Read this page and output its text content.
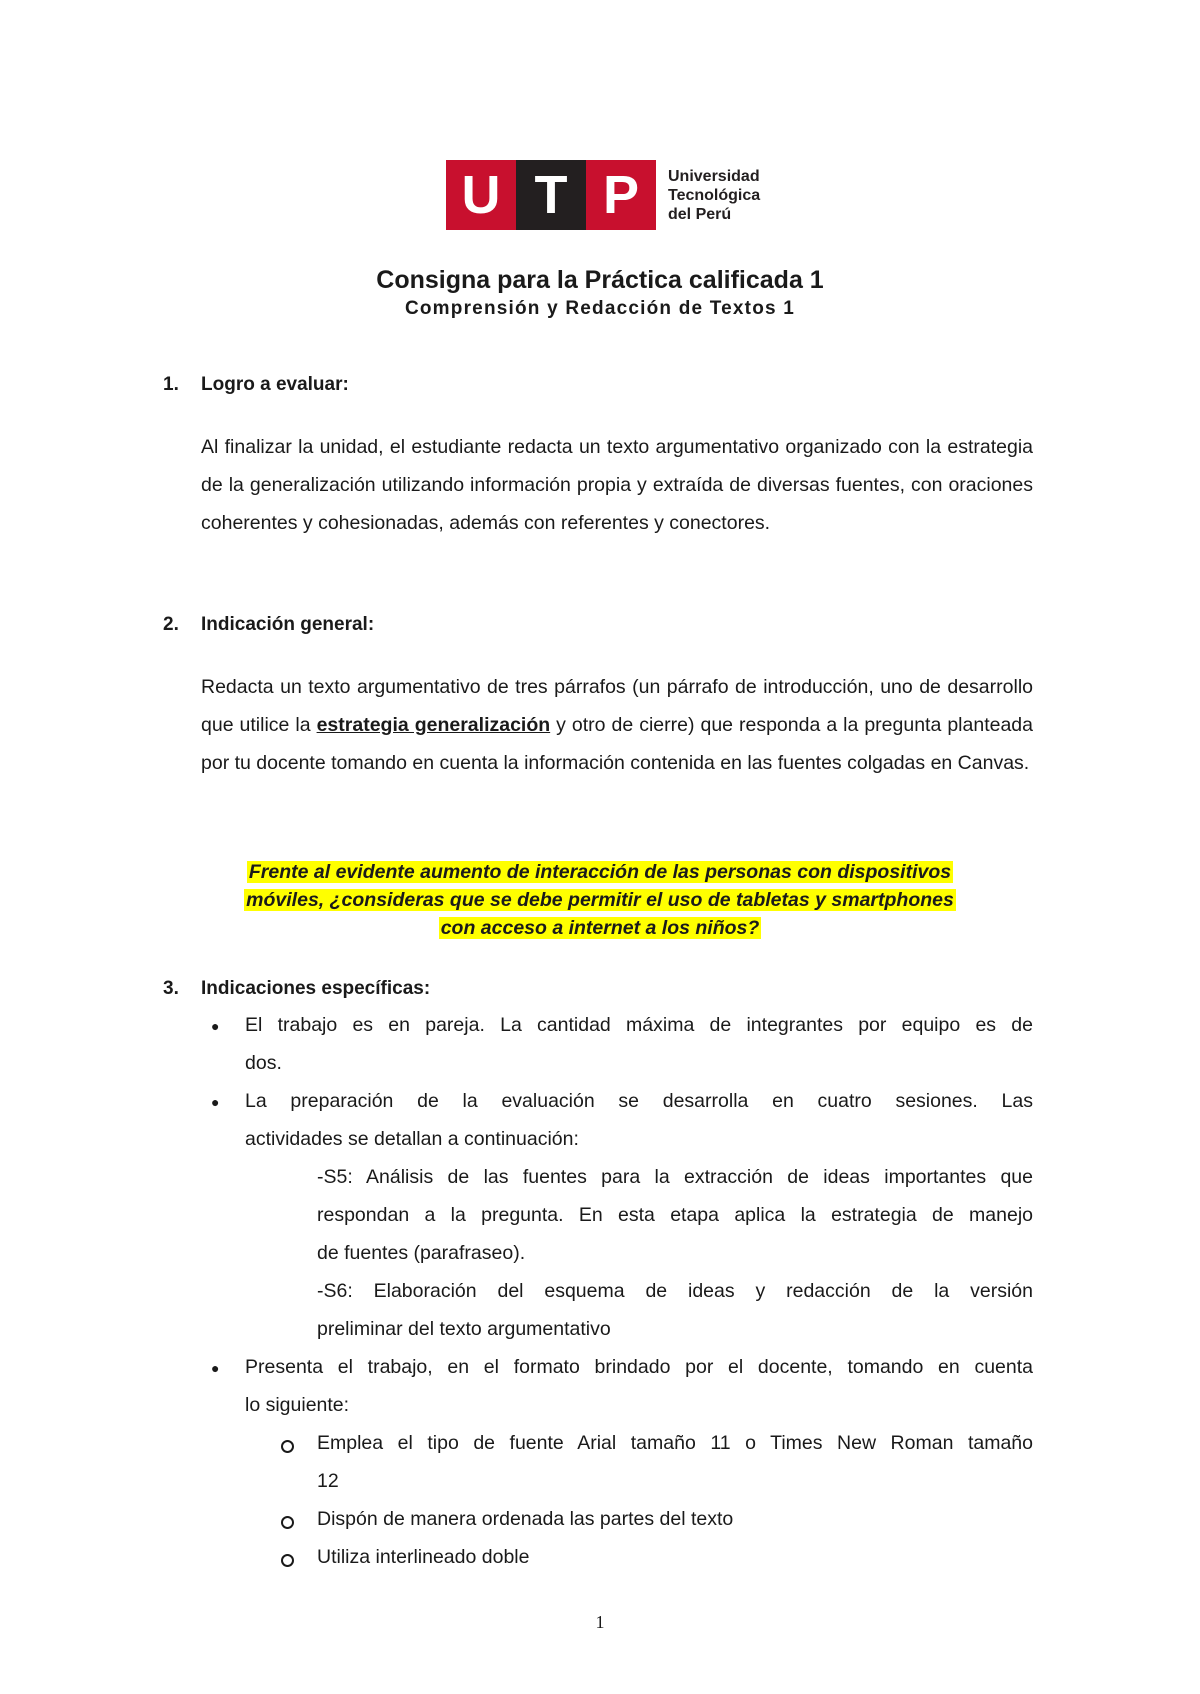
U T P	Universidad
Tecnológica
del Perú
Consigna para la Práctica calificada 1
Comprensión y Redacción de Textos 1
1. Logro a evaluar:
Al finalizar la unidad, el estudiante redacta un texto argumentativo organizado con la estrategia de la generalización utilizando información propia y extraída de diversas fuentes, con oraciones coherentes y cohesionadas, además con referentes y conectores.
2. Indicación general:
Redacta un texto argumentativo de tres párrafos (un párrafo de introducción, uno de desarrollo que utilice la estrategia generalización y otro de cierre) que responda a la pregunta planteada por tu docente tomando en cuenta la información contenida en las fuentes colgadas en Canvas.
Frente al evidente aumento de interacción de las personas con dispositivos
móviles, ¿consideras que se debe permitir el uso de tabletas y smartphones
con acceso a internet a los niños?
3. Indicaciones específicas:
● El trabajo es en pareja. La cantidad máxima de integrantes por equipo es de
dos.
● La preparación de la evaluación se desarrolla en cuatro sesiones. Las
actividades se detallan a continuación:
-S5: Análisis de las fuentes para la extracción de ideas importantes que
respondan a la pregunta. En esta etapa aplica la estrategia de manejo
de fuentes (parafraseo).
-S6: Elaboración del esquema de ideas y redacción de la versión
preliminar del texto argumentativo
● Presenta el trabajo, en el formato brindado por el docente, tomando en cuenta
lo siguiente:
Emplea el tipo de fuente Arial tamaño 11 o Times New Roman tamaño
12
Dispón de manera ordenada las partes del texto
Utiliza interlineado doble
1
